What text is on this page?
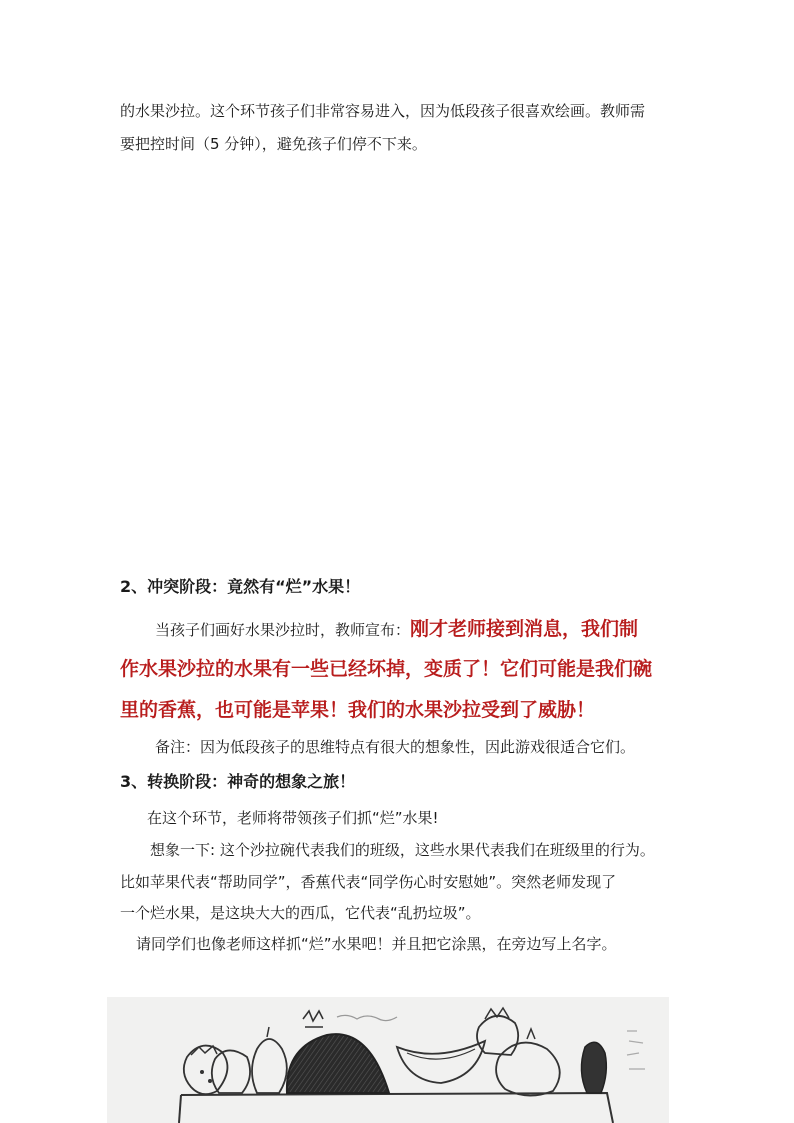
的水果沙拉。这个环节孩子们非常容易进入，因为低段孩子很喜欢绘画。教师需

要把控时间（5 分钟），避免孩子们停不下来。

2、冲突阶段：竟然有“烂”水果！

当孩子们画好水果沙拉时，教师宣布：刚才老师接到消息，我们制

作水果沙拉的水果有一些已经坏掉，变质了！它们可能是我们碗

里的香蕉，也可能是苹果！我们的水果沙拉受到了威胁！

备注：因为低段孩子的思维特点有很大的想象性，因此游戏很适合它们。

3、转换阶段：神奇的想象之旅！

在这个环节，老师将带领孩子们抓“烂”水果!

想象一下: 这个沙拉碗代表我们的班级，这些水果代表我们在班级里的行为。

比如苹果代表“帮助同学”，香蕉代表“同学伤心时安慰她”。突然老师发现了

一个烂水果，是这块大大的西瓜，它代表“乱扔垃圾”。

请同学们也像老师这样抓“烂”水果吧！并且把它涂黑，在旁边写上名字。
